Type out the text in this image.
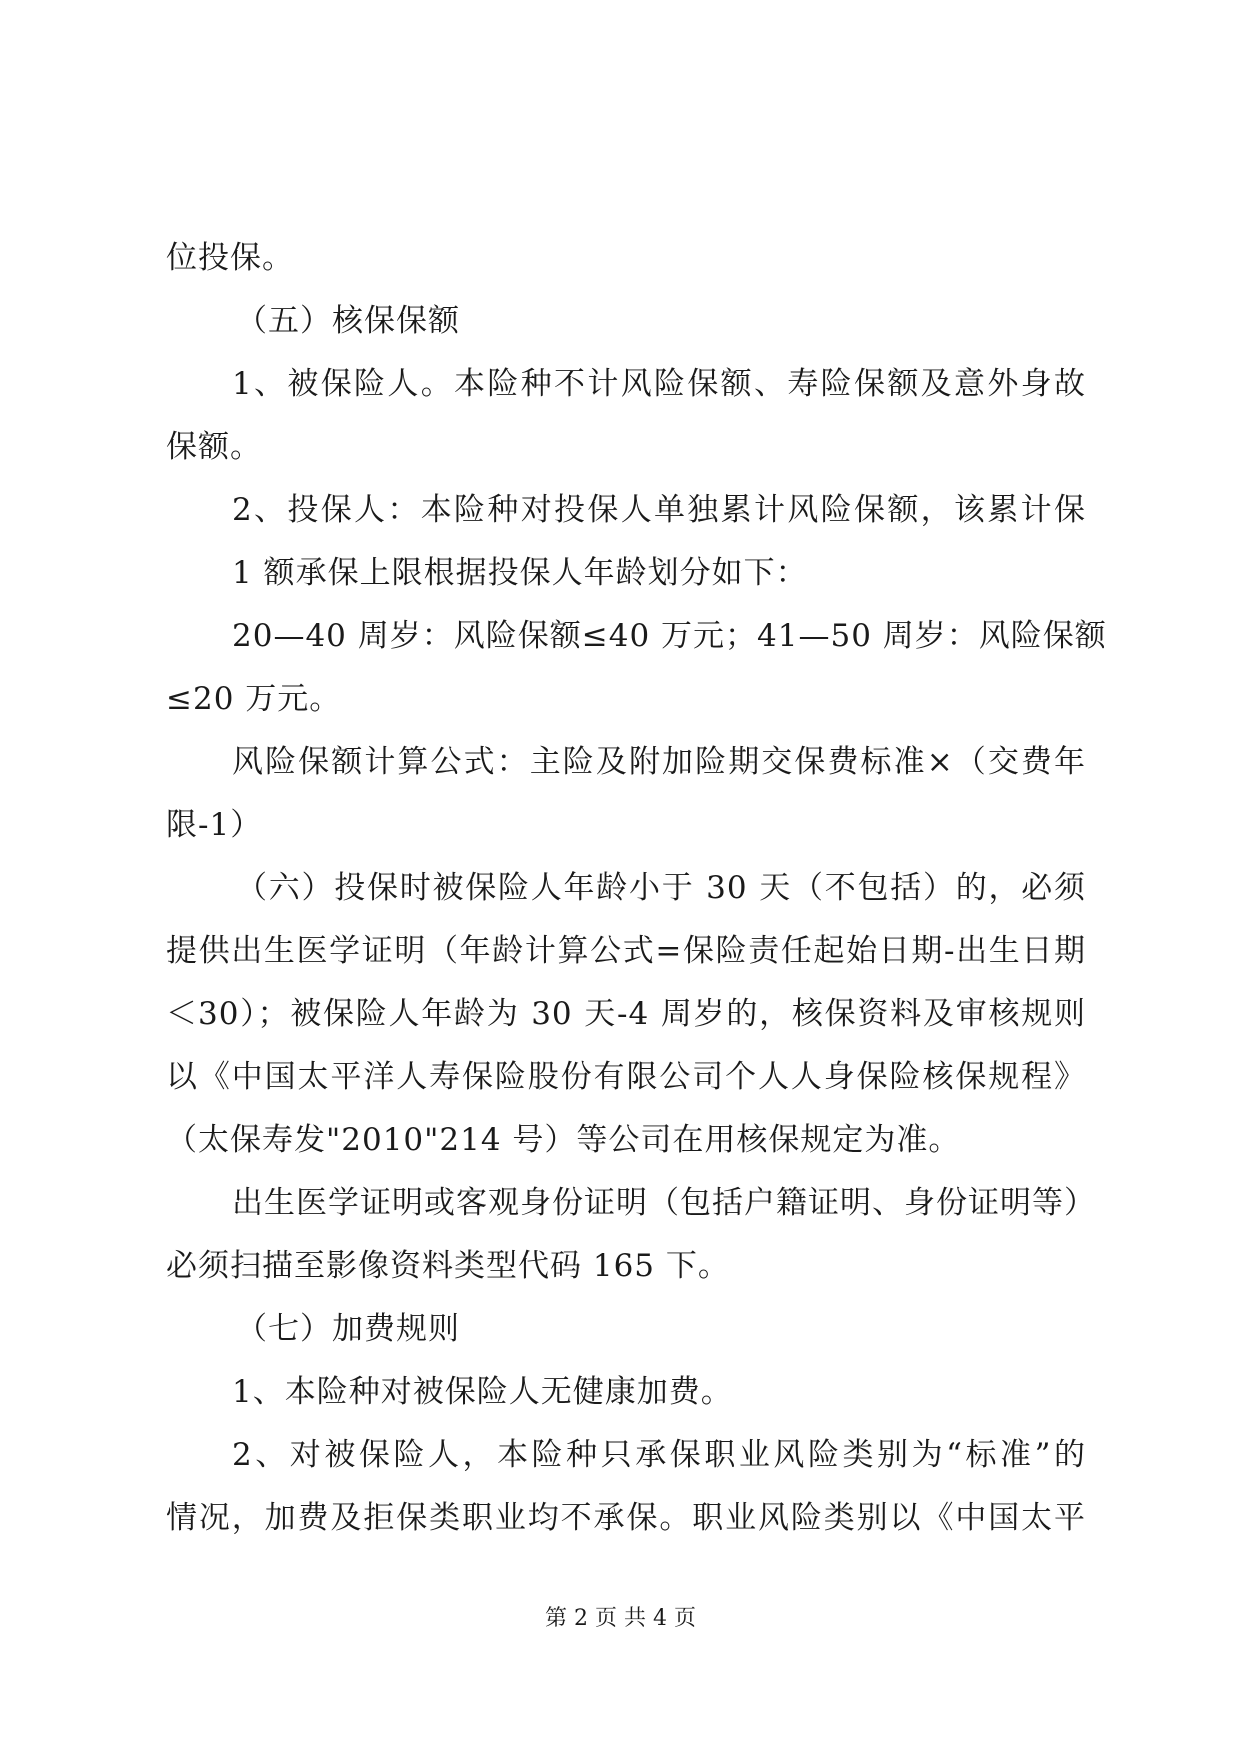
位投保。
（五）核保保额
1、被保险人。本险种不计风险保额、寿险保额及意外身故
保额。
2、投保人：本险种对投保人单独累计风险保额，该累计保
1 额承保上限根据投保人年龄划分如下：
20—40 周岁：风险保额≤40 万元；41—50 周岁：风险保额
≤20 万元。
风险保额计算公式：主险及附加险期交保费标准×（交费年
限-1）
（六）投保时被保险人年龄小于 30 天（不包括）的，必须
提供出生医学证明（年龄计算公式=保险责任起始日期-出生日期
＜30）；被保险人年龄为 30 天-4 周岁的，核保资料及审核规则
以《中国太平洋人寿保险股份有限公司个人人身保险核保规程》
（太保寿发"2010"214 号）等公司在用核保规定为准。
出生医学证明或客观身份证明（包括户籍证明、身份证明等）
必须扫描至影像资料类型代码 165 下。
（七）加费规则
1、本险种对被保险人无健康加费。
2、对被保险人，本险种只承保职业风险类别为“标准”的
情况，加费及拒保类职业均不承保。职业风险类别以《中国太平
第 2 页 共 4 页
